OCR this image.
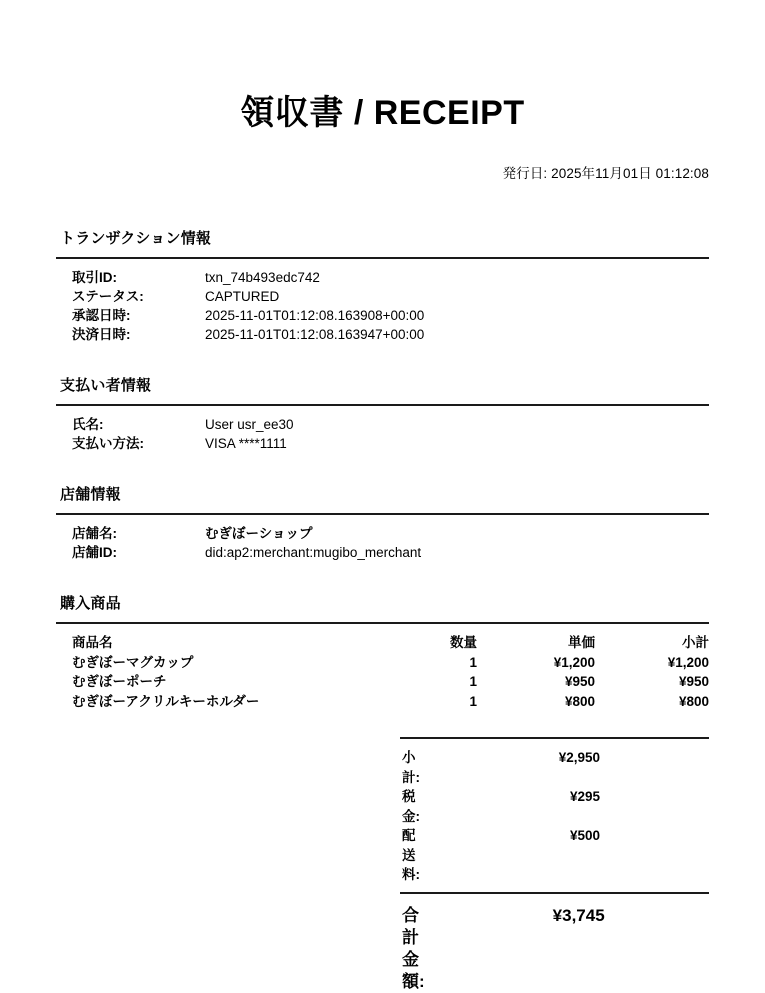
領収書 / RECEIPT
発行日: 2025年11月01日 01:12:08
トランザクション情報
取引ID:	txn_74b493edc742
ステータス:	CAPTURED
承認日時:	2025-11-01T01:12:08.163908+00:00
決済日時:	2025-11-01T01:12:08.163947+00:00
支払い者情報
氏名:	User usr_ee30
支払い方法:	VISA ****1111
店舗情報
店舗名:	むぎぼーショップ
店舗ID:	did:ap2:merchant:mugibo_merchant
購入商品
商品名	数量	単価	小計
むぎぼーマグカップ	1	¥1,200	¥1,200
むぎぼーポーチ	1	¥950	¥950
むぎぼーアクリルキーホルダー	1	¥800	¥800
小計:
¥2,950
税金:
¥295
配送料:
¥500
合計金額:
¥3,745
